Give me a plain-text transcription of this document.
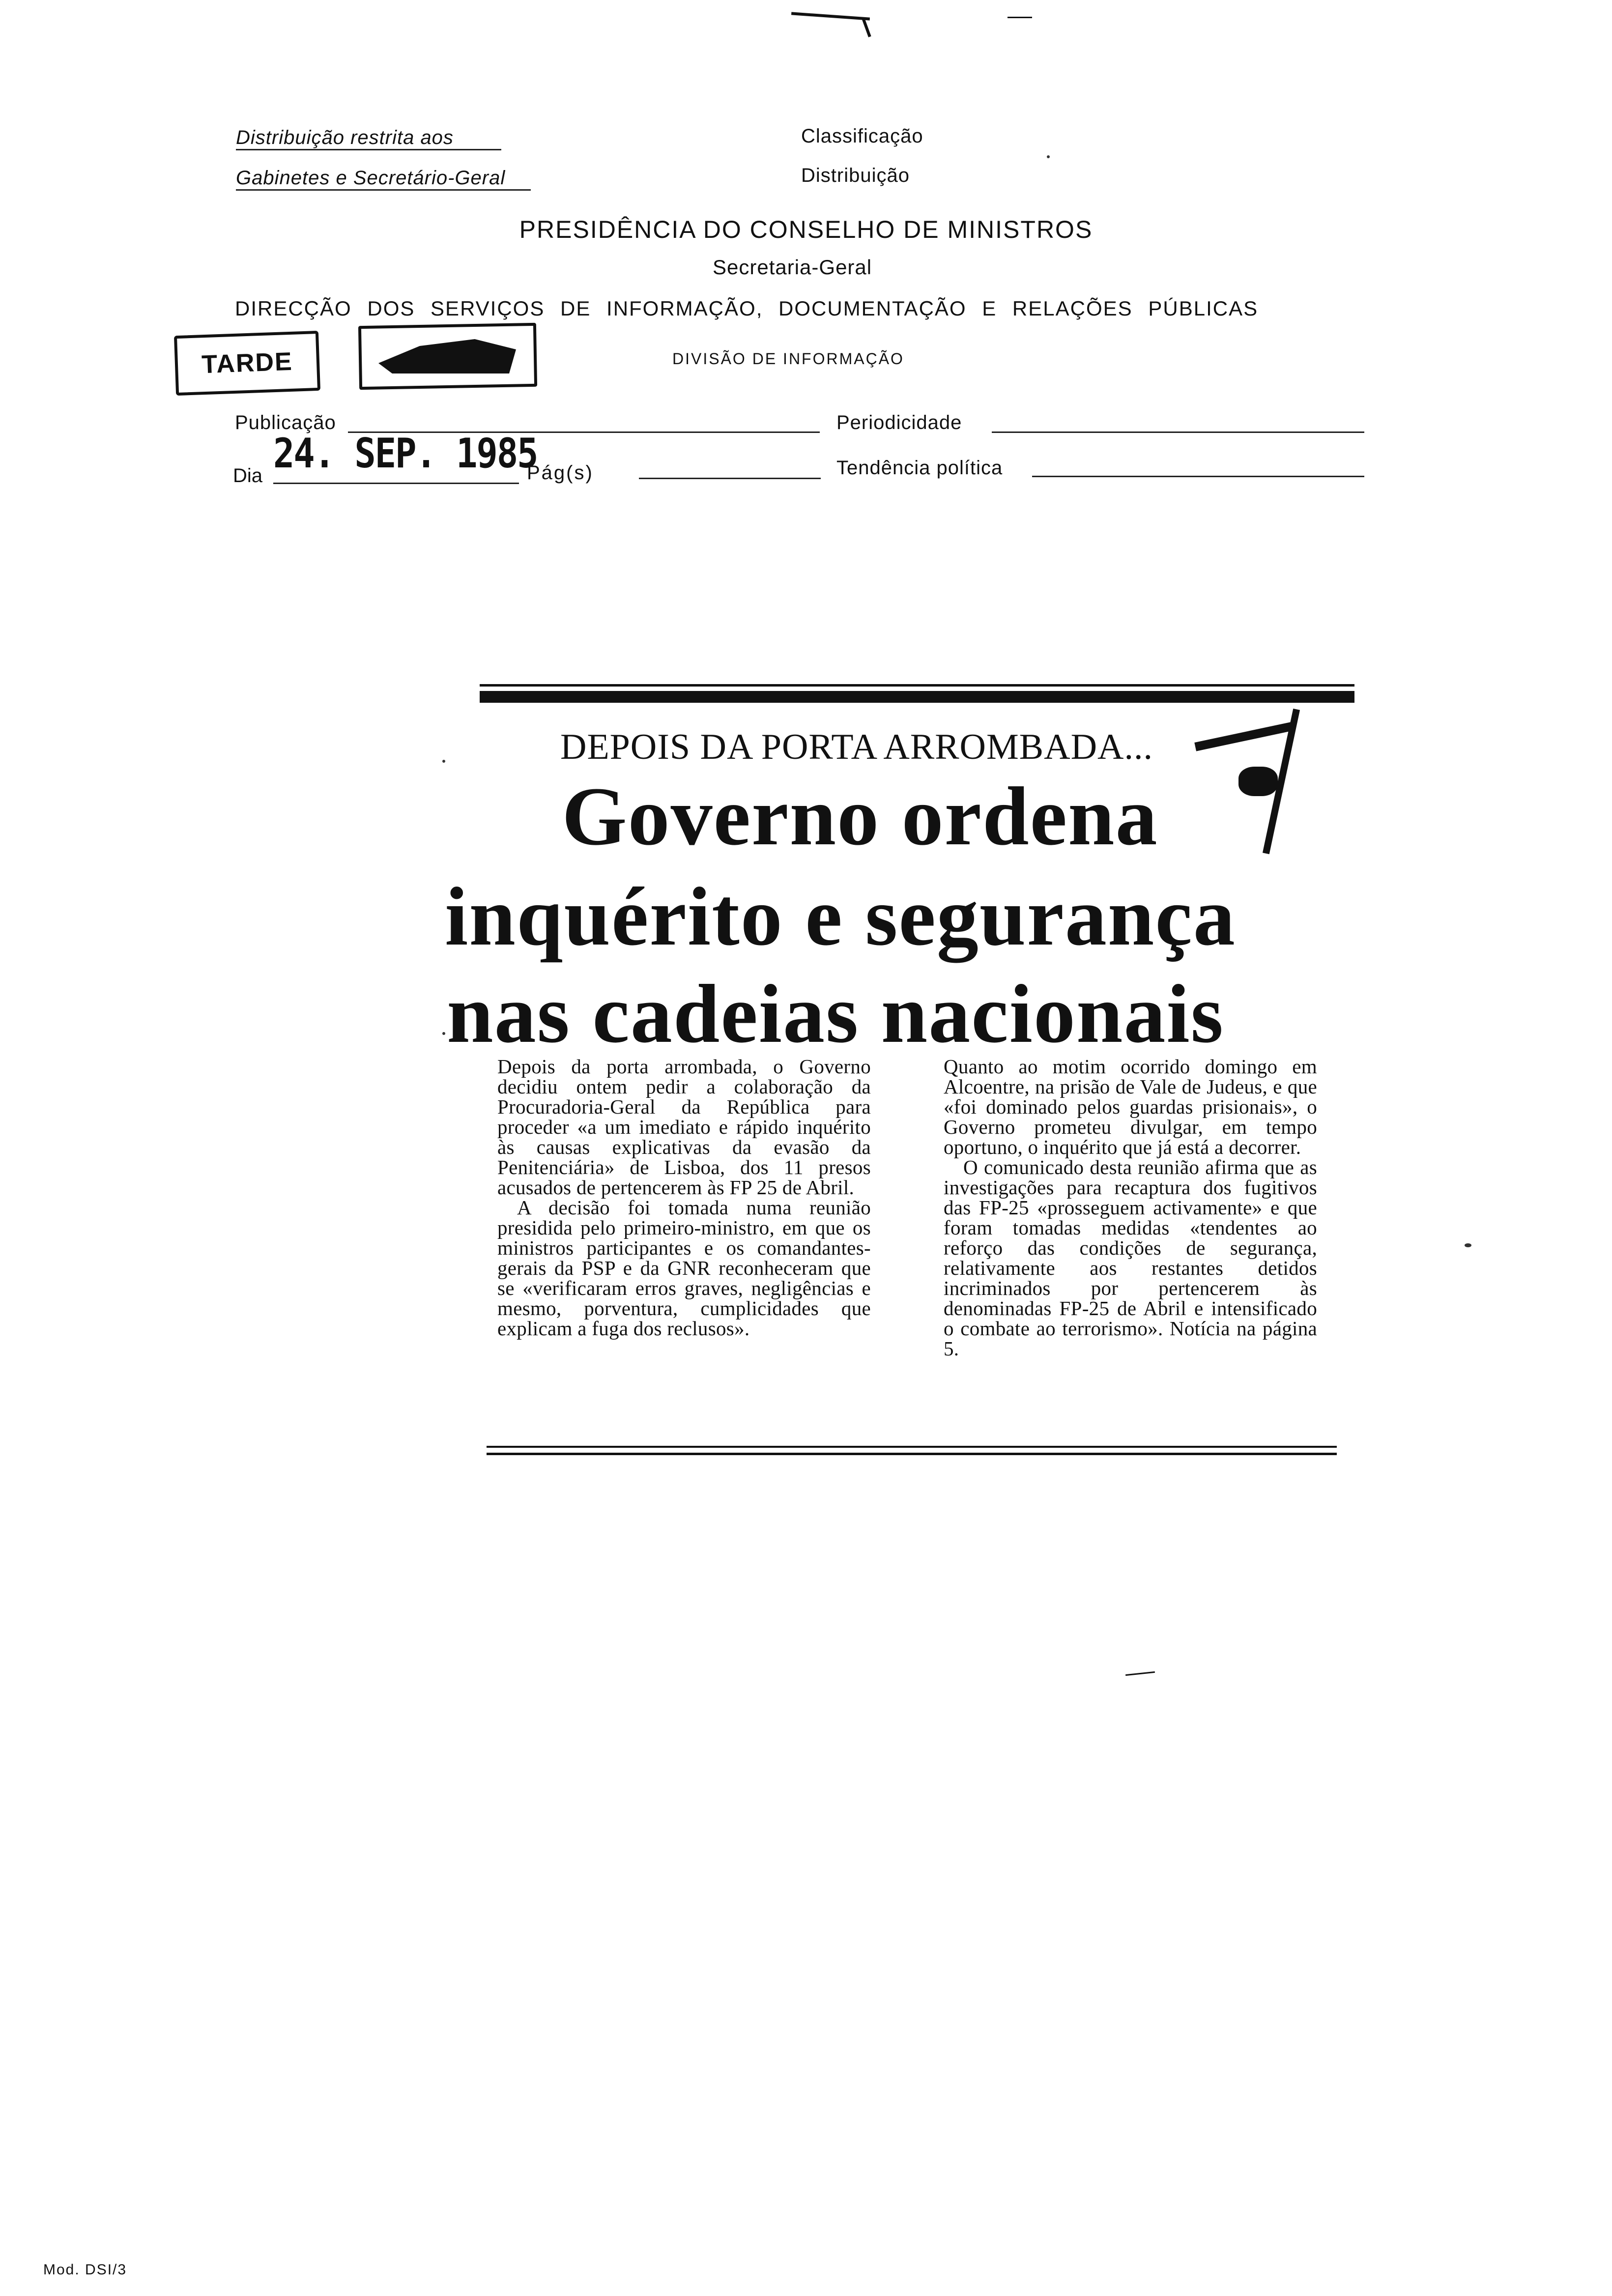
Distribuição restrita aos
Gabinetes e Secretário-Geral
Classificação
Distribuição
PRESIDÊNCIA DO CONSELHO DE MINISTROS
Secretaria-Geral
DIRECÇÃO DOS SERVIÇOS DE INFORMAÇÃO, DOCUMENTAÇÃO E RELAÇÕES PÚBLICAS
DIVISÃO DE INFORMAÇÃO
TARDE
Publicação
Dia 24. SEP. 1985
Pág(s)
Periodicidade
Tendência política
DEPOIS DA PORTA ARROMBADA...
Governo ordena
inquérito e segurança
nas cadeias nacionais

Depois da porta arrombada, o Governo decidiu ontem pedir a colaboração da Procuradoria-Geral da República para proceder «a um imediato e rápido inquérito às causas explicativas da evasão da Penitenciária» de Lisboa, dos 11 presos acusados de pertencerem às FP 25 de Abril.

A decisão foi tomada numa reunião presidida pelo primeiro-ministro, em que os ministros participantes e os comandantes-gerais da PSP e da GNR reconheceram que se «verificaram erros graves, negligências e mesmo, porventura, cumplicidades que explicam a fuga dos reclusos».

Quanto ao motim ocorrido domingo em Alcoentre, na prisão de Vale de Judeus, e que «foi dominado pelos guardas prisionais», o Governo prometeu divulgar, em tempo oportuno, o inquérito que já está a decorrer.

O comunicado desta reunião afirma que as investigações para recaptura dos fugitivos das FP-25 «prosseguem activamente» e que foram tomadas medidas «tendentes ao reforço das condições de segurança, relativamente aos restantes detidos incriminados por pertencerem às denominadas FP-25 de Abril e intensificado o combate ao terrorismo». Notícia na página 5.

Mod. DSI/3
